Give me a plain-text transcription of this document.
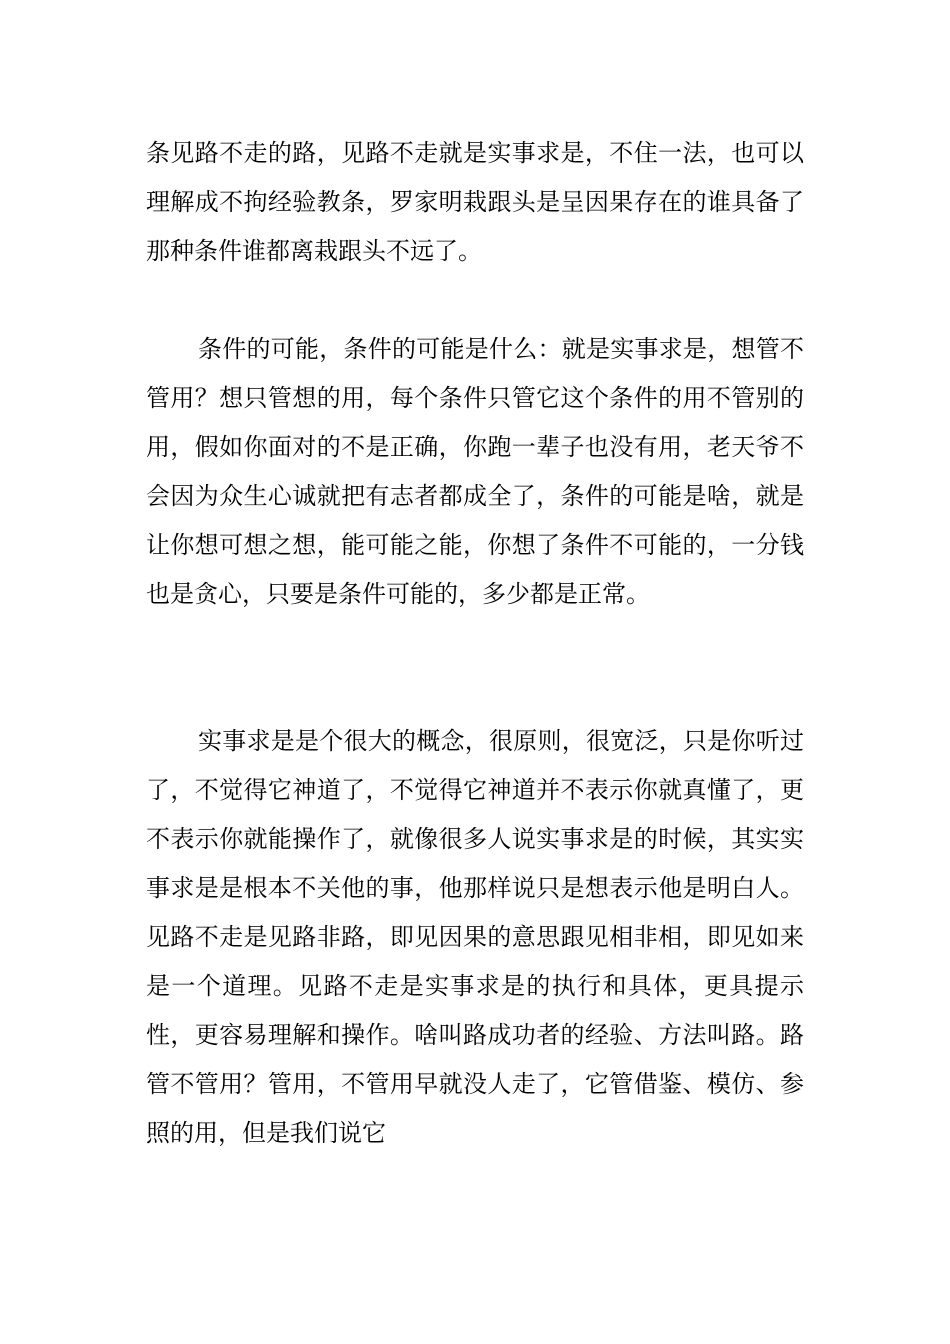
条见路不走的路，见路不走就是实事求是，不住一法，也可以理解成不拘经验教条，罗家明栽跟头是呈因果存在的谁具备了那种条件谁都离栽跟头不远了。

条件的可能，条件的可能是什么：就是实事求是，想管不管用？想只管想的用，每个条件只管它这个条件的用不管别的用，假如你面对的不是正确，你跑一辈子也没有用，老天爷不会因为众生心诚就把有志者都成全了，条件的可能是啥，就是让你想可想之想，能可能之能，你想了条件不可能的，一分钱也是贪心，只要是条件可能的，多少都是正常。

实事求是是个很大的概念，很原则，很宽泛，只是你听过了，不觉得它神道了，不觉得它神道并不表示你就真懂了，更不表示你就能操作了，就像很多人说实事求是的时候，其实实事求是是根本不关他的事，他那样说只是想表示他是明白人。见路不走是见路非路，即见因果的意思跟见相非相，即见如来是一个道理。见路不走是实事求是的执行和具体，更具提示性，更容易理解和操作。啥叫路成功者的经验、方法叫路。路管不管用？管用，不管用早就没人走了，它管借鉴、模仿、参照的用，但是我们说它
